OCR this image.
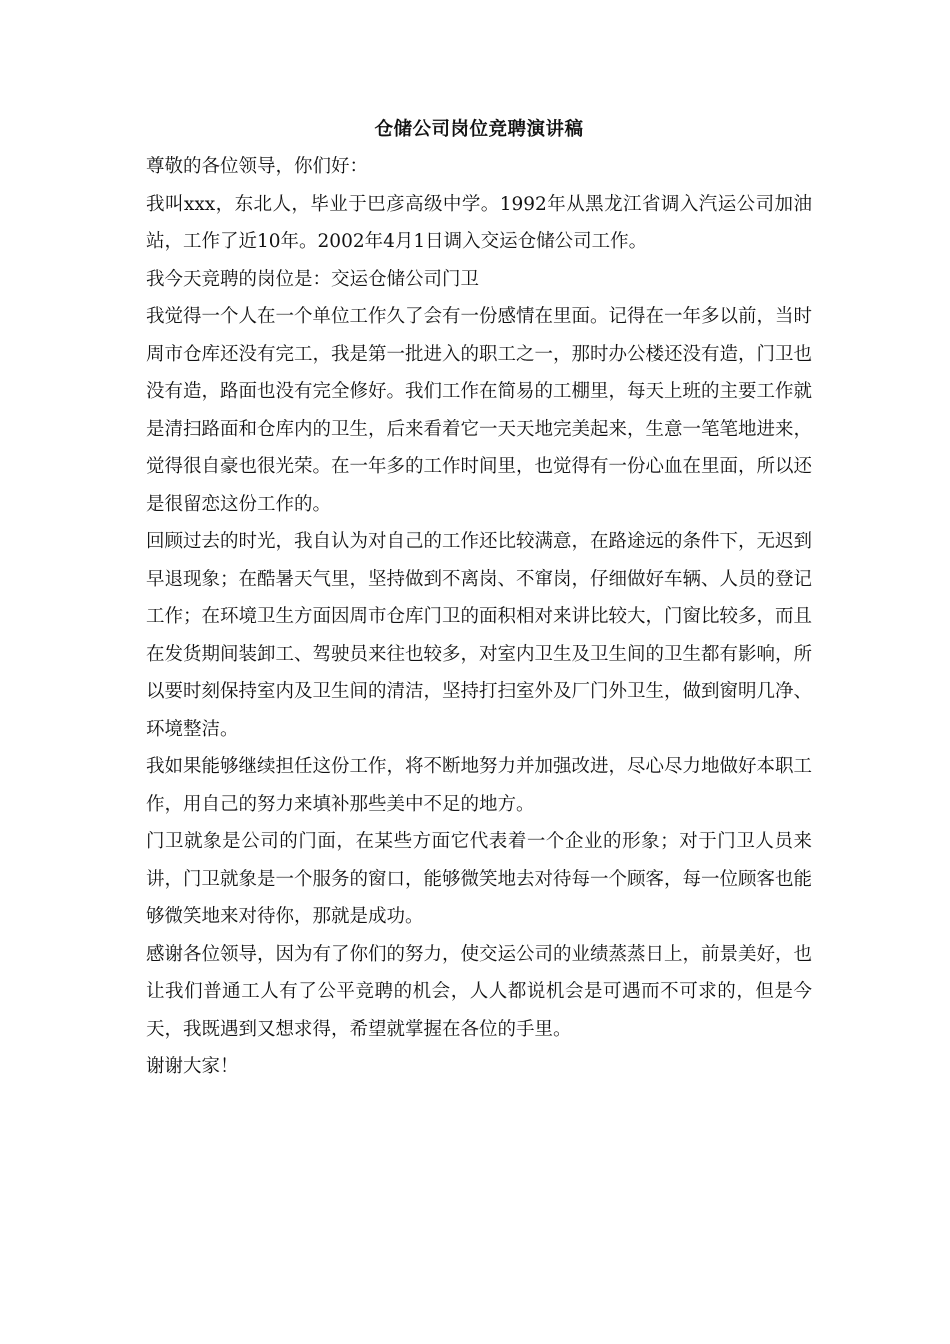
仓储公司岗位竞聘演讲稿

尊敬的各位领导，你们好：

我叫xxx，东北人，毕业于巴彦高级中学。1992年从黑龙江省调入汽运公司加油站，工作了近10年。2002年4月1日调入交运仓储公司工作。

我今天竞聘的岗位是：交运仓储公司门卫

我觉得一个人在一个单位工作久了会有一份感情在里面。记得在一年多以前，当时周市仓库还没有完工，我是第一批进入的职工之一，那时办公楼还没有造，门卫也没有造，路面也没有完全修好。我们工作在简易的工棚里，每天上班的主要工作就是清扫路面和仓库内的卫生，后来看着它一天天地完美起来，生意一笔笔地进来，觉得很自豪也很光荣。在一年多的工作时间里，也觉得有一份心血在里面，所以还是很留恋这份工作的。

回顾过去的时光，我自认为对自己的工作还比较满意，在路途远的条件下，无迟到早退现象；在酷暑天气里，坚持做到不离岗、不窜岗，仔细做好车辆、人员的登记工作；在环境卫生方面因周市仓库门卫的面积相对来讲比较大，门窗比较多，而且在发货期间装卸工、驾驶员来往也较多，对室内卫生及卫生间的卫生都有影响，所以要时刻保持室内及卫生间的清洁，坚持打扫室外及厂门外卫生，做到窗明几净、环境整洁。

我如果能够继续担任这份工作，将不断地努力并加强改进，尽心尽力地做好本职工作，用自己的努力来填补那些美中不足的地方。

门卫就象是公司的门面，在某些方面它代表着一个企业的形象；对于门卫人员来讲，门卫就象是一个服务的窗口，能够微笑地去对待每一个顾客，每一位顾客也能够微笑地来对待你，那就是成功。

感谢各位领导，因为有了你们的努力，使交运公司的业绩蒸蒸日上，前景美好，也让我们普通工人有了公平竞聘的机会，人人都说机会是可遇而不可求的，但是今天，我既遇到又想求得，希望就掌握在各位的手里。

谢谢大家！
